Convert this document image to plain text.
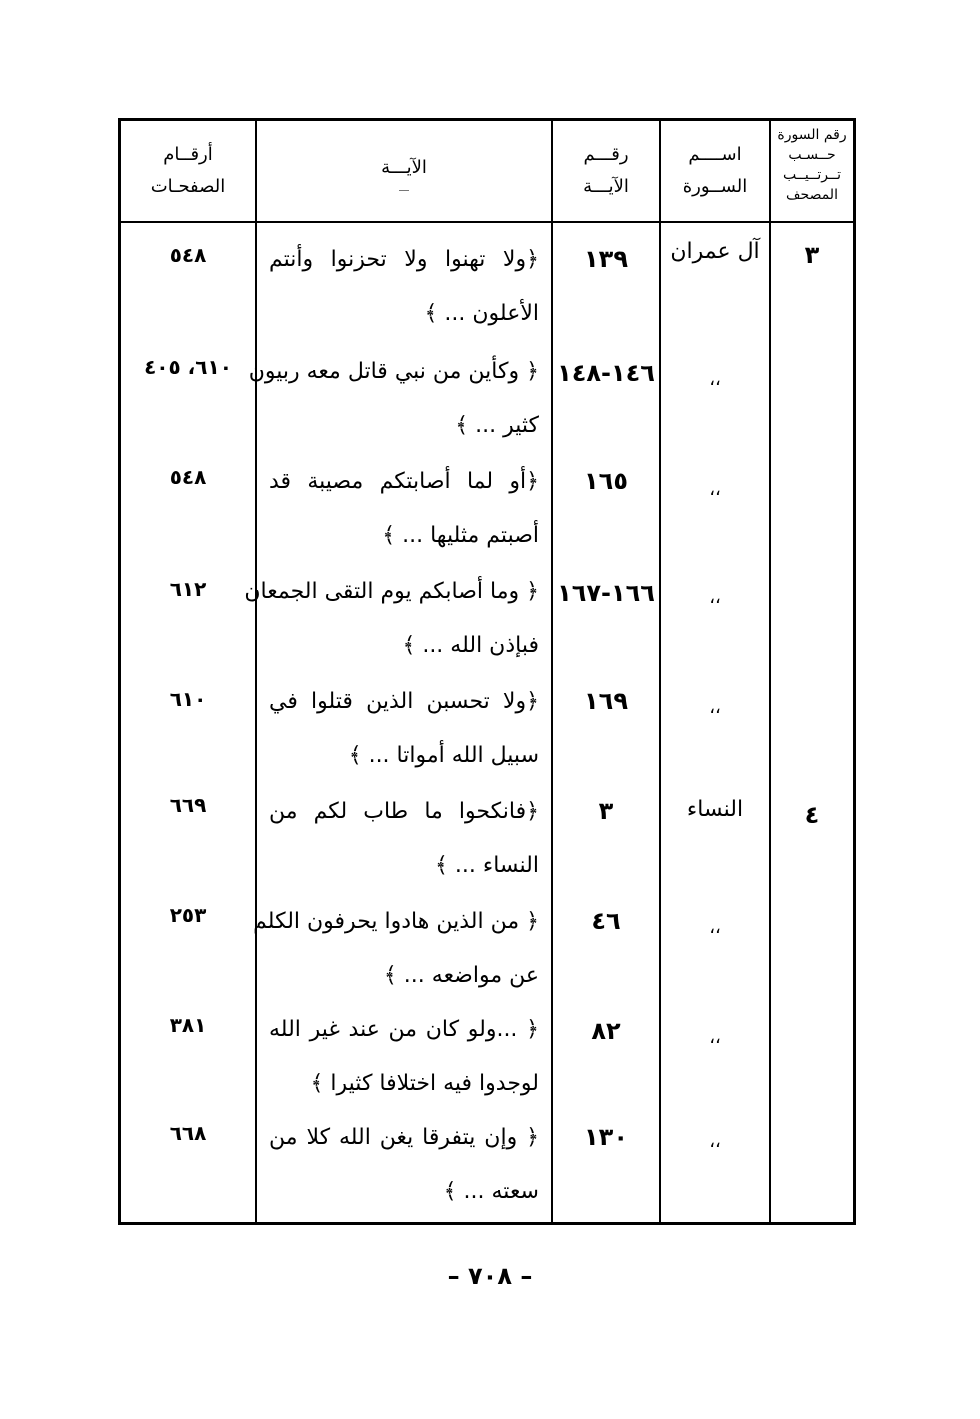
رقم السورة
حــسـب
تــرتــيــب
المصحف
٣
٤
اســــم
الســورة
آل عمران
،،
،،
،،
،،
النساء
،،
،،
،،
رقـــم
الآيـــة
١٣٩
١٤٦-١٤٨
١٦٥
١٦٦-١٦٧
١٦٩
٣
٤٦
٨٢
١٣٠
الآيـــة
﴿ولا تهنوا ولا تحزنوا وأنتم
الأعلون ... ﴾
﴿ وكأين من نبي قاتل معه ربيون
كثير ... ﴾
﴿أو لما أصابتكم مصيبة قد
أصبتم مثليها ... ﴾
﴿ وما أصابكم يوم التقى الجمعان
فبإذن الله ... ﴾
﴿ولا تحسبن الذين قتلوا في
سبيل الله أمواتا ... ﴾
﴿فانكحوا ما طاب لكم من
النساء ... ﴾
﴿ من الذين هادوا يحرفون الكلم
عن مواضعه ... ﴾
﴿ ...ولو كان من عند غير الله
لوجدوا فيه اختلافا كثيرا ﴾
﴿ وإن يتفرقا يغن الله كلا من
سعته ... ﴾
أرقــام
الصفحـات
٥٤٨
٦١٠، ٤٠٥
٥٤٨
٦١٢
٦١٠
٦٦٩
٢٥٣
٣٨١
٦٦٨
– ٧٠٨ –
